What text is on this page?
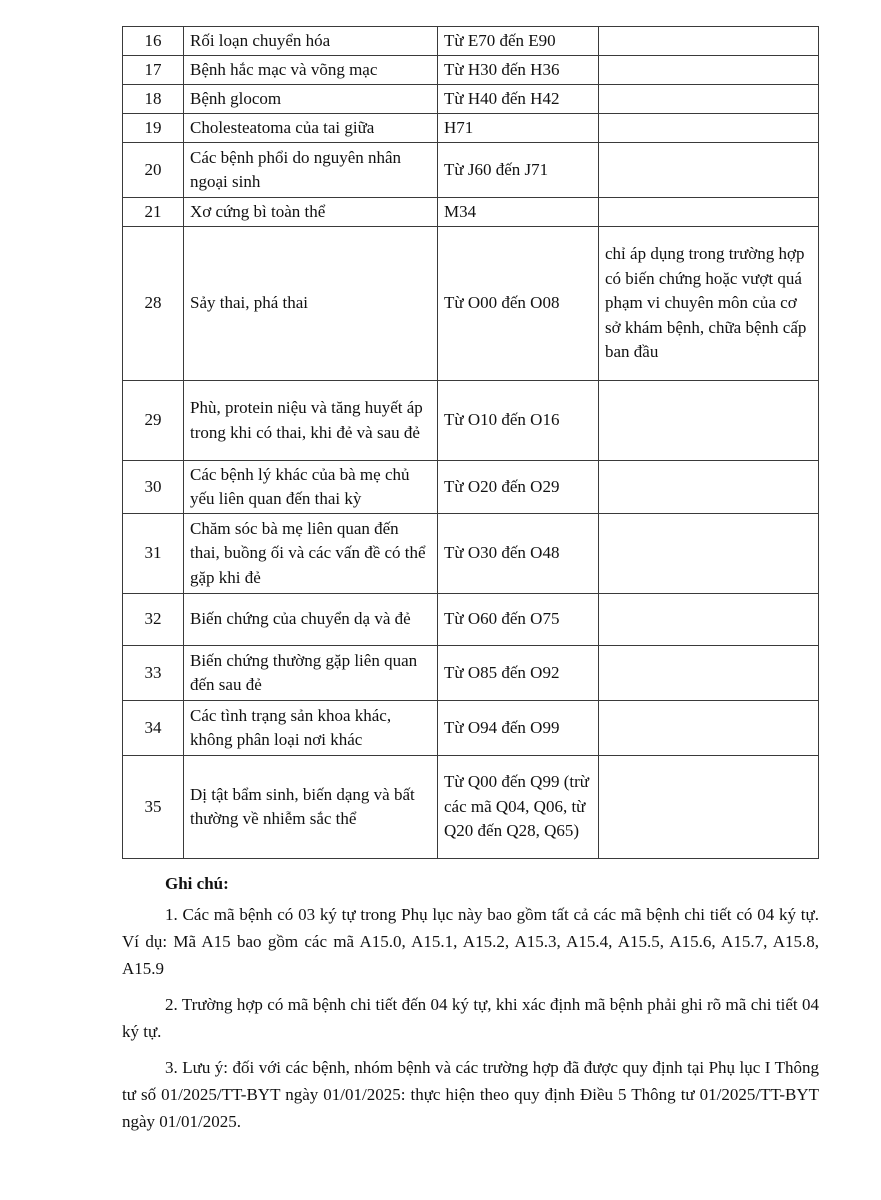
16	Rối loạn chuyển hóa	Từ E70 đến E90	
17	Bệnh hắc mạc và võng mạc	Từ H30 đến H36	
18	Bệnh glocom	Từ H40 đến H42	
19	Cholesteatoma của tai giữa	H71	
20	Các bệnh phổi do nguyên nhân ngoại sinh	Từ J60 đến J71	
21	Xơ cứng bì toàn thể	M34	
28	Sảy thai, phá thai	Từ O00 đến O08	chỉ áp dụng trong trường hợp có biến chứng hoặc vượt quá phạm vi chuyên môn của cơ sở khám bệnh, chữa bệnh cấp ban đầu
29	Phù, protein niệu và tăng huyết áp trong khi có thai, khi đẻ và sau đẻ	Từ O10 đến O16	
30	Các bệnh lý khác của bà mẹ chủ yếu liên quan đến thai kỳ	Từ O20 đến O29	
31	Chăm sóc bà mẹ liên quan đến thai, buồng ối và các vấn đề có thể gặp khi đẻ	Từ O30 đến O48	
32	Biến chứng của chuyển dạ và đẻ	Từ O60 đến O75	
33	Biến chứng thường gặp liên quan đến sau đẻ	Từ O85 đến O92	
34	Các tình trạng sản khoa khác, không phân loại nơi khác	Từ O94 đến O99	
35	Dị tật bẩm sinh, biến dạng và bất thường về nhiễm sắc thể	Từ Q00 đến Q99 (trừ các mã Q04, Q06, từ Q20 đến Q28, Q65)	
Ghi chú:

1. Các mã bệnh có 03 ký tự trong Phụ lục này bao gồm tất cả các mã bệnh chi tiết có 04 ký tự. Ví dụ: Mã A15 bao gồm các mã A15.0, A15.1, A15.2, A15.3, A15.4, A15.5, A15.6, A15.7, A15.8, A15.9

2. Trường hợp có mã bệnh chi tiết đến 04 ký tự, khi xác định mã bệnh phải ghi rõ mã chi tiết 04 ký tự.

3. Lưu ý: đối với các bệnh, nhóm bệnh và các trường hợp đã được quy định tại Phụ lục I Thông tư số 01/2025/TT-BYT ngày 01/01/2025: thực hiện theo quy định Điều 5 Thông tư 01/2025/TT-BYT ngày 01/01/2025.
